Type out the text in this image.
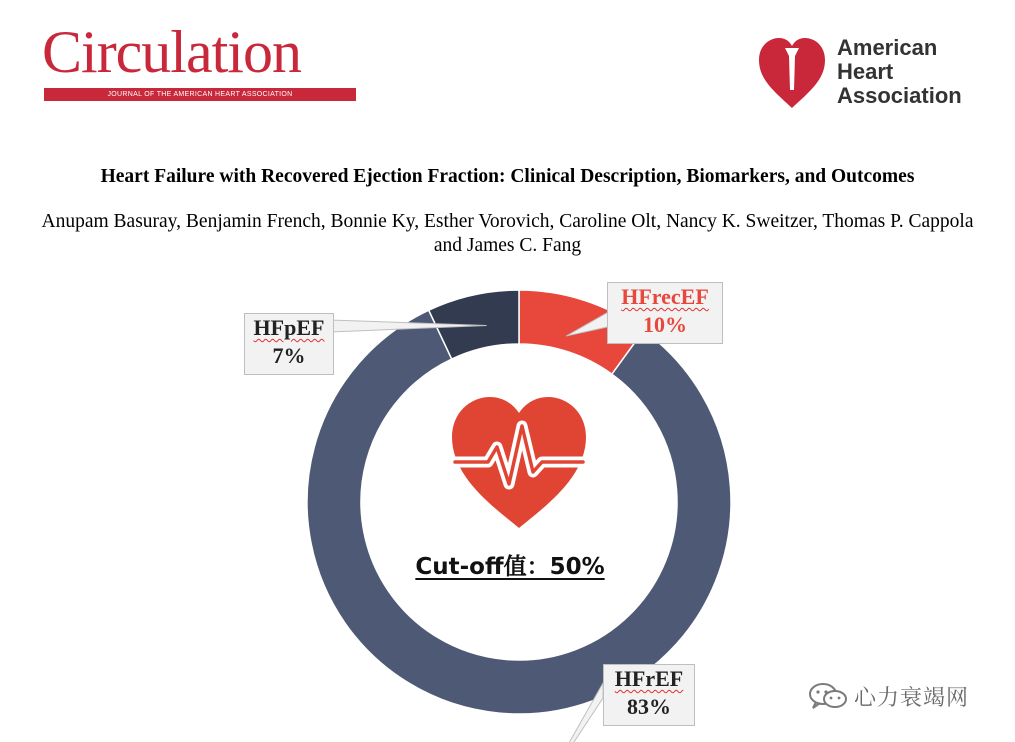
Circulation
JOURNAL OF THE AMERICAN HEART ASSOCIATION
American
Heart
Association
Heart Failure with Recovered Ejection Fraction: Clinical Description, Biomarkers, and Outcomes
Anupam Basuray, Benjamin French, Bonnie Ky, Esther Vorovich, Caroline Olt, Nancy K. Sweitzer, Thomas P. Cappola and James C. Fang
HFrecEF
10%
HFpEF
7%
HFrEF
83%
Cut-off值：50%
心力衰竭网
